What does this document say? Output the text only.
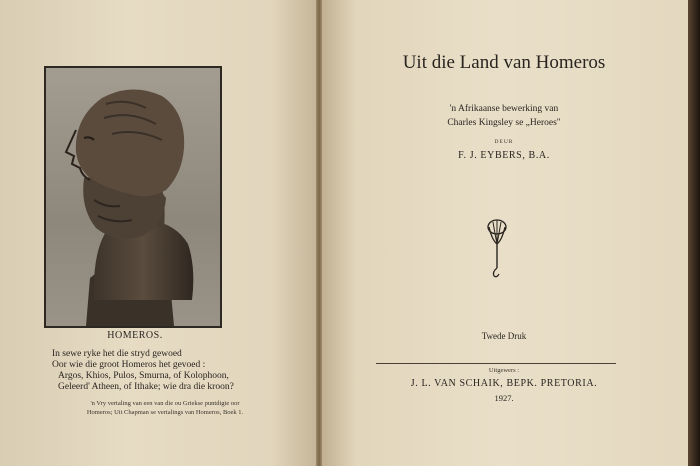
HOMEROS.
In sewe ryke het die stryd gewoed
Oor wie die groot Homeros het gevoed :
Argos, Khios, Pulos, Smurna, of Kolophoon,
Geleerd' Atheen, of Ithake; wie dra die kroon?
'n Vry vertaling van een van die ou Griekse puntdigte oor
Homeros; Uit Chapman se vertalings van Homeros, Boek 1.
Uit die Land van Homeros
'n Afrikaanse bewerking van
Charles Kingsley se „Heroes"
DEUR
F. J. EYBERS, B.A.
Twede Druk
Uitgewers :
J. L. VAN SCHAIK, BEPK. PRETORIA.
1927.
